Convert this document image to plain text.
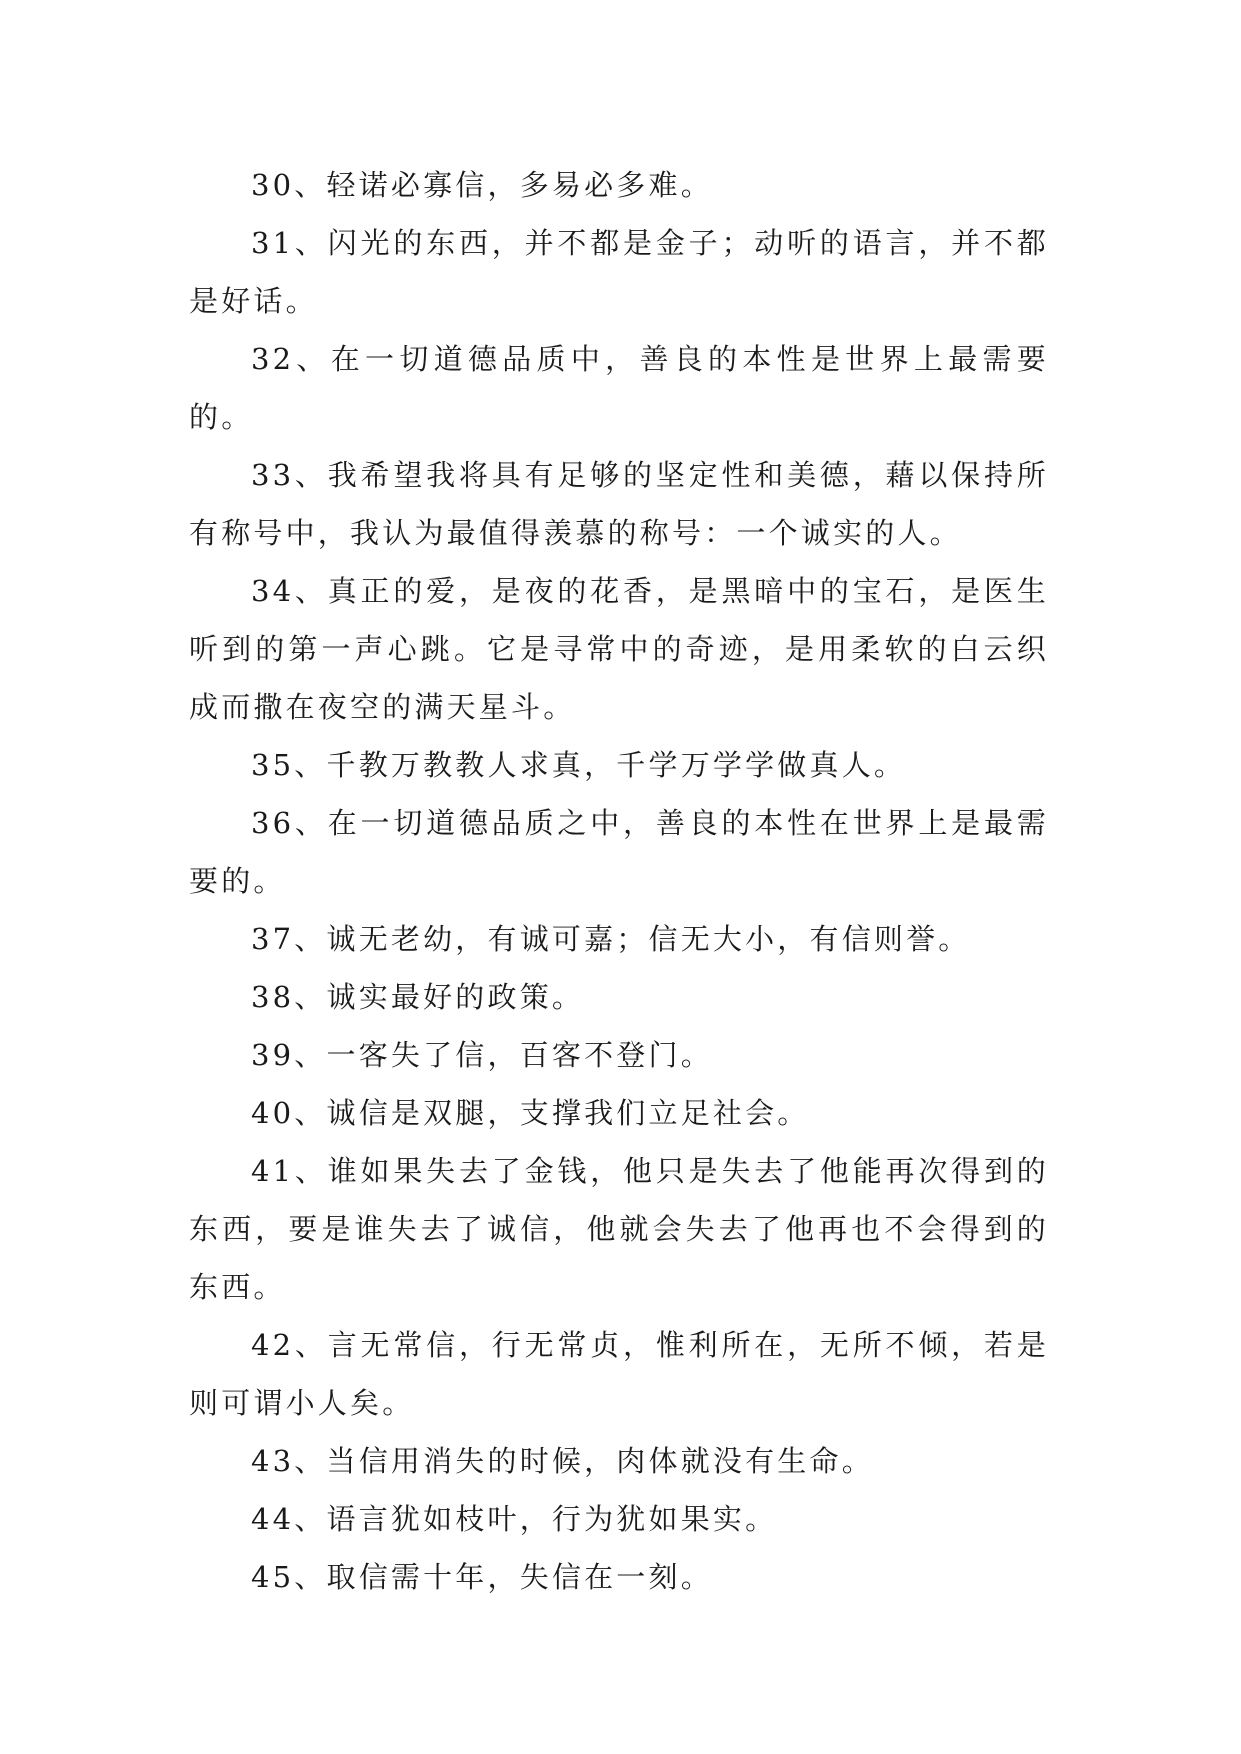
30、轻诺必寡信，多易必多难。

31、闪光的东西，并不都是金子；动听的语言，并不都是好话。

32、在一切道德品质中，善良的本性是世界上最需要的。

33、我希望我将具有足够的坚定性和美德，藉以保持所有称号中，我认为最值得羡慕的称号：一个诚实的人。

34、真正的爱，是夜的花香，是黑暗中的宝石，是医生听到的第一声心跳。它是寻常中的奇迹，是用柔软的白云织成而撒在夜空的满天星斗。

35、千教万教教人求真，千学万学学做真人。

36、在一切道德品质之中，善良的本性在世界上是最需要的。

37、诚无老幼，有诚可嘉；信无大小，有信则誉。

38、诚实最好的政策。

39、一客失了信，百客不登门。

40、诚信是双腿，支撑我们立足社会。

41、谁如果失去了金钱，他只是失去了他能再次得到的东西，要是谁失去了诚信，他就会失去了他再也不会得到的东西。

42、言无常信，行无常贞，惟利所在，无所不倾，若是则可谓小人矣。

43、当信用消失的时候，肉体就没有生命。

44、语言犹如枝叶，行为犹如果实。

45、取信需十年，失信在一刻。
